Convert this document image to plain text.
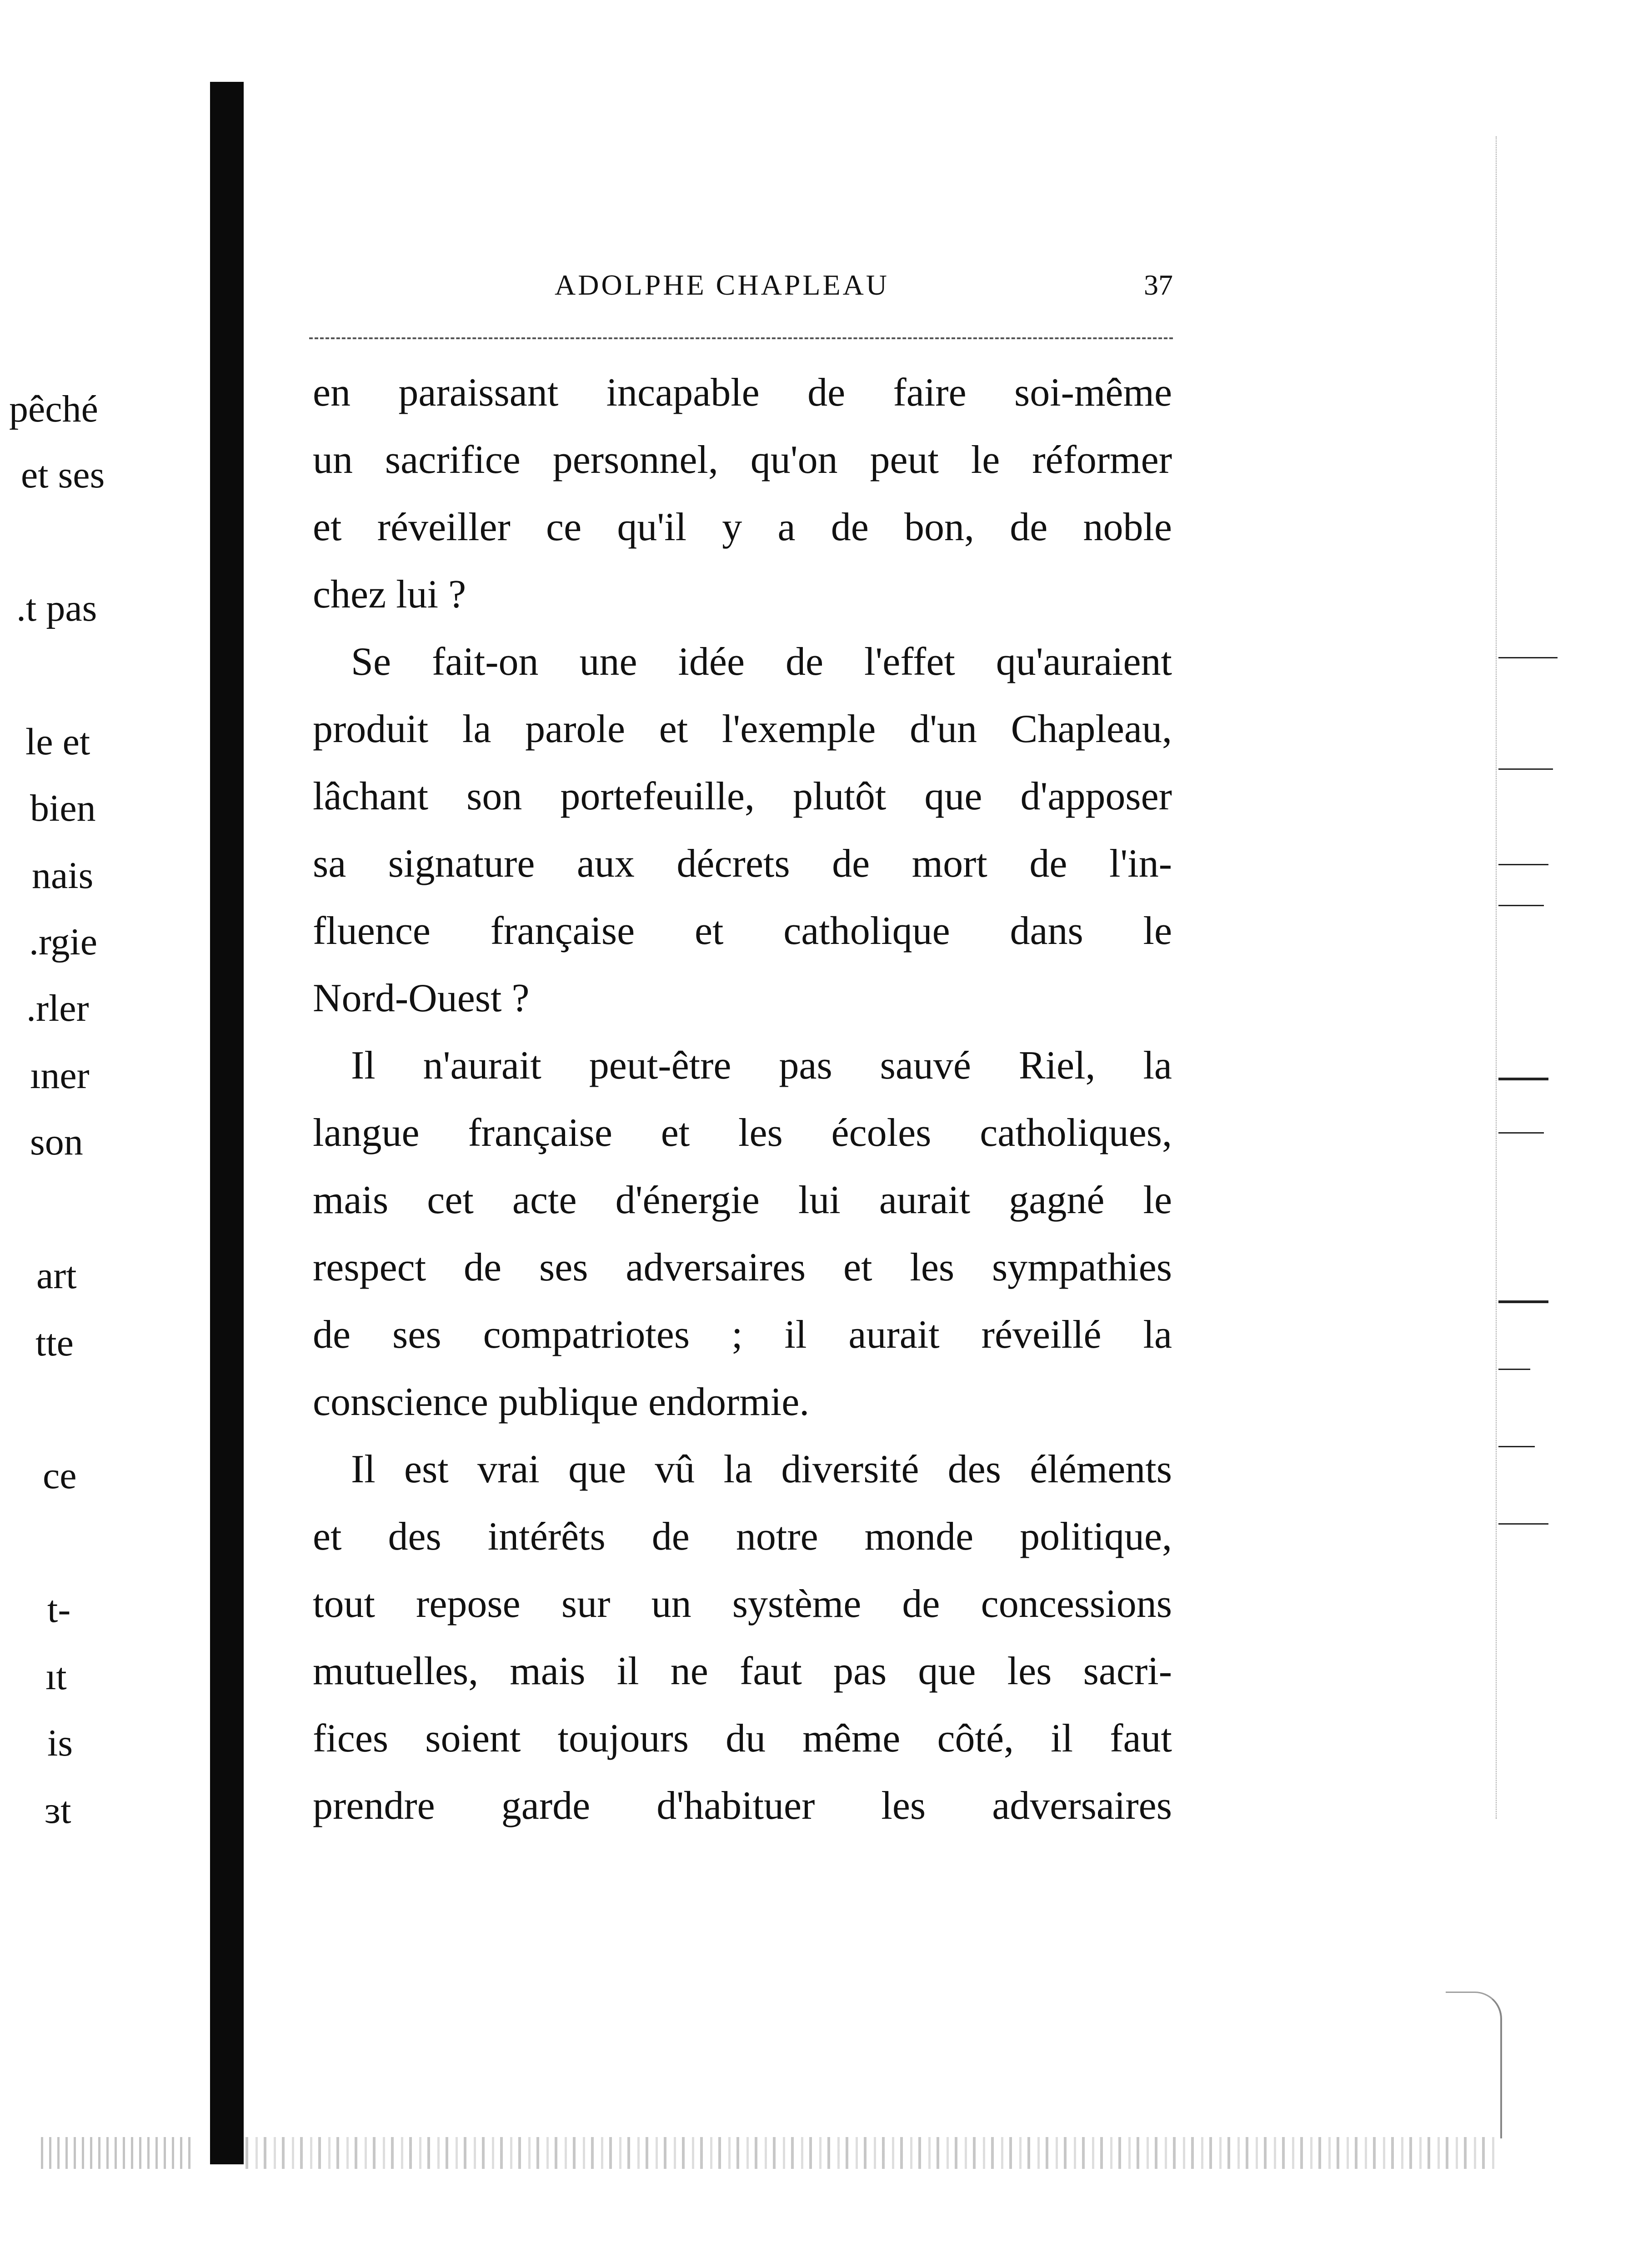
pêché
et ses
.t pas
le et
bien
nais
.rgie
.rler
ıner
son
art
tte
ce
t-
ıt
is
ɜt
ADOLPHE CHAPLEAU	37
en paraissant incapable de faire soi-même
un sacrifice personnel, qu'on peut le réformer
et réveiller ce qu'il y a de bon, de noble
chez lui ?
Se fait-on une idée de l'effet qu'auraient
produit la parole et l'exemple d'un Chapleau,
lâchant son portefeuille, plutôt que d'apposer
sa signature aux décrets de mort de l'in-
fluence française et catholique dans le
Nord-Ouest ?
Il n'aurait peut-être pas sauvé Riel, la
langue française et les écoles catholiques,
mais cet acte d'énergie lui aurait gagné le
respect de ses adversaires et les sympathies
de ses compatriotes ; il aurait réveillé la
conscience publique endormie.
Il est vrai que vû la diversité des éléments
et des intérêts de notre monde politique,
tout repose sur un système de concessions
mutuelles, mais il ne faut pas que les sacri-
fices soient toujours du même côté, il faut
prendre garde d'habituer les adversaires
